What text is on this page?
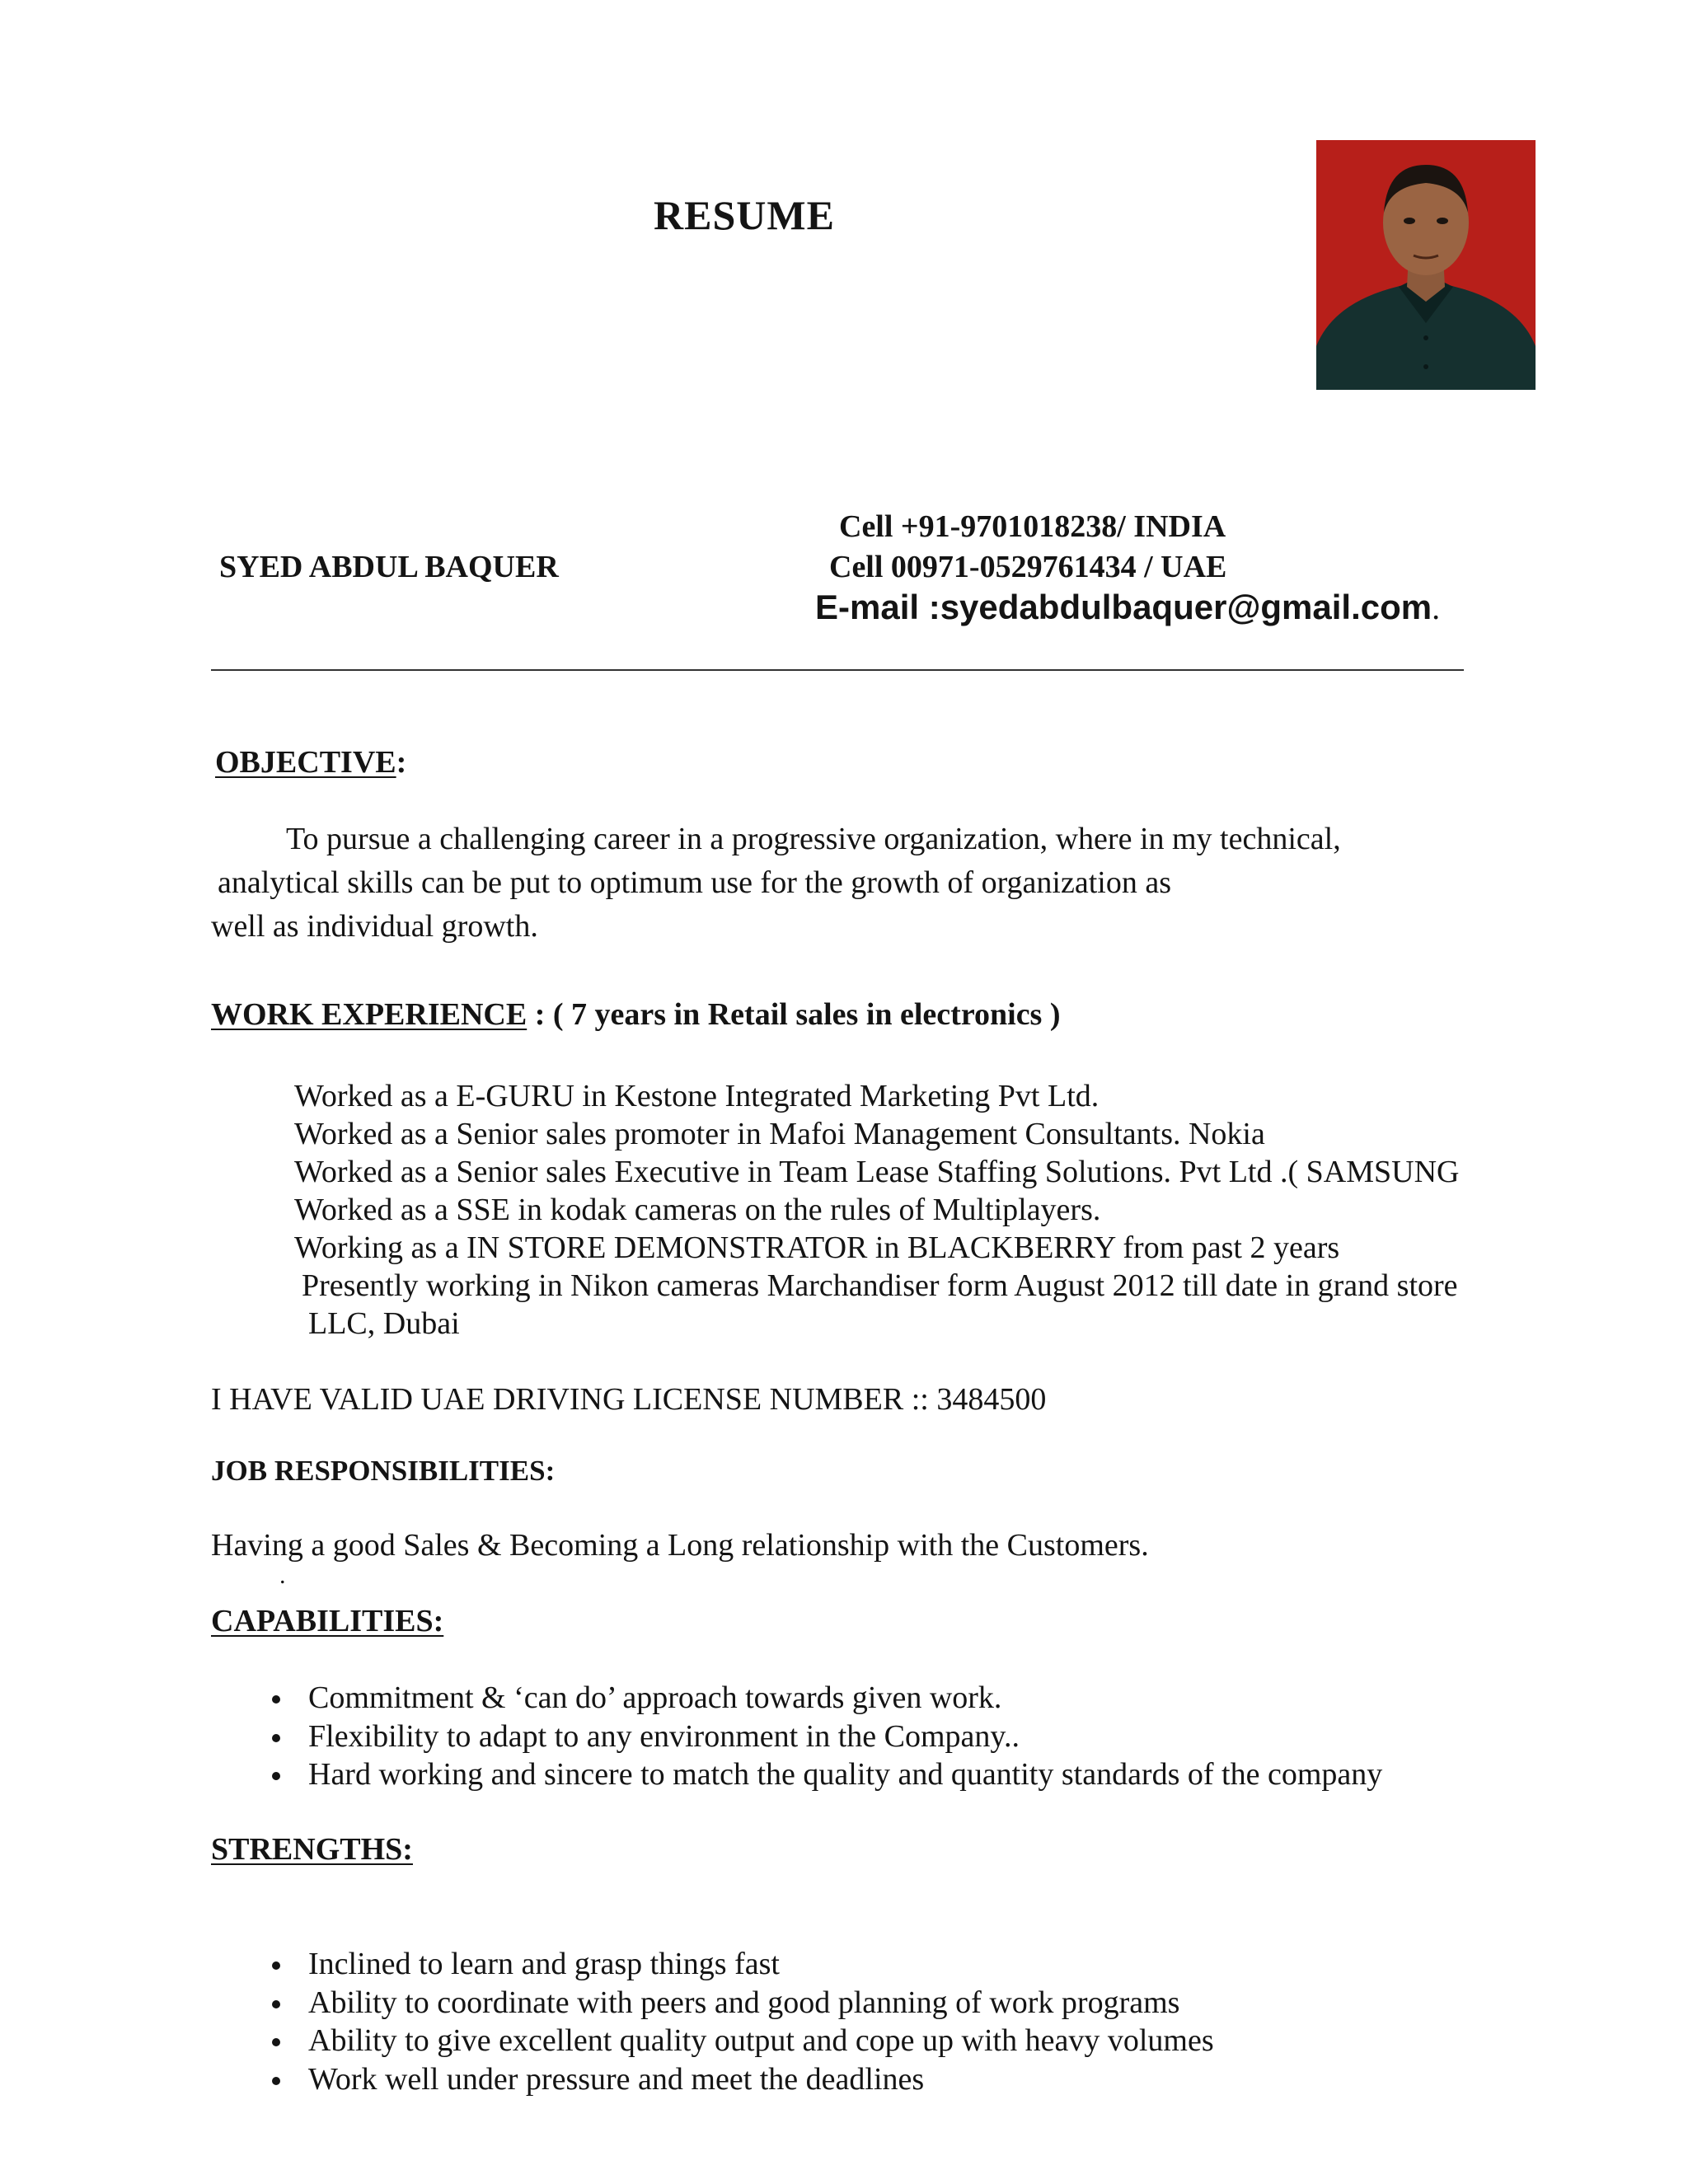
RESUME
Cell +91-9701018238/ INDIA
SYED ABDUL BAQUER	Cell 00971-0529761434 / UAE
E-mail :syedabdulbaquer@gmail.com.
OBJECTIVE:
To pursue a challenging career in a progressive organization, where in my technical,
analytical skills can be put to optimum use for the growth of organization as
well as individual growth.
WORK EXPERIENCE : ( 7 years in Retail sales in electronics )
Worked as a E-GURU in Kestone Integrated Marketing Pvt Ltd.
Worked as a Senior sales promoter in Mafoi Management Consultants. Nokia
Worked as a Senior sales Executive in Team Lease Staffing Solutions. Pvt Ltd .( SAMSUNG
Worked as a SSE in kodak cameras on the rules of Multiplayers.
Working as a IN STORE DEMONSTRATOR in BLACKBERRY from past 2 years
Presently working in Nikon cameras Marchandiser form August 2012 till date in grand store
LLC, Dubai
I HAVE VALID UAE DRIVING LICENSE NUMBER :: 3484500
JOB RESPONSIBILITIES:
Having a good Sales & Becoming a Long relationship with the Customers.
.
CAPABILITIES:
Commitment & ‘can do’ approach towards given work.
Flexibility to adapt to any environment in the Company..
Hard working and sincere to match the quality and quantity standards of the company
STRENGTHS:
Inclined to learn and grasp things fast
Ability to coordinate with peers and good planning of work programs
Ability to give excellent quality output and cope up with heavy volumes
Work well under pressure and meet the deadlines
